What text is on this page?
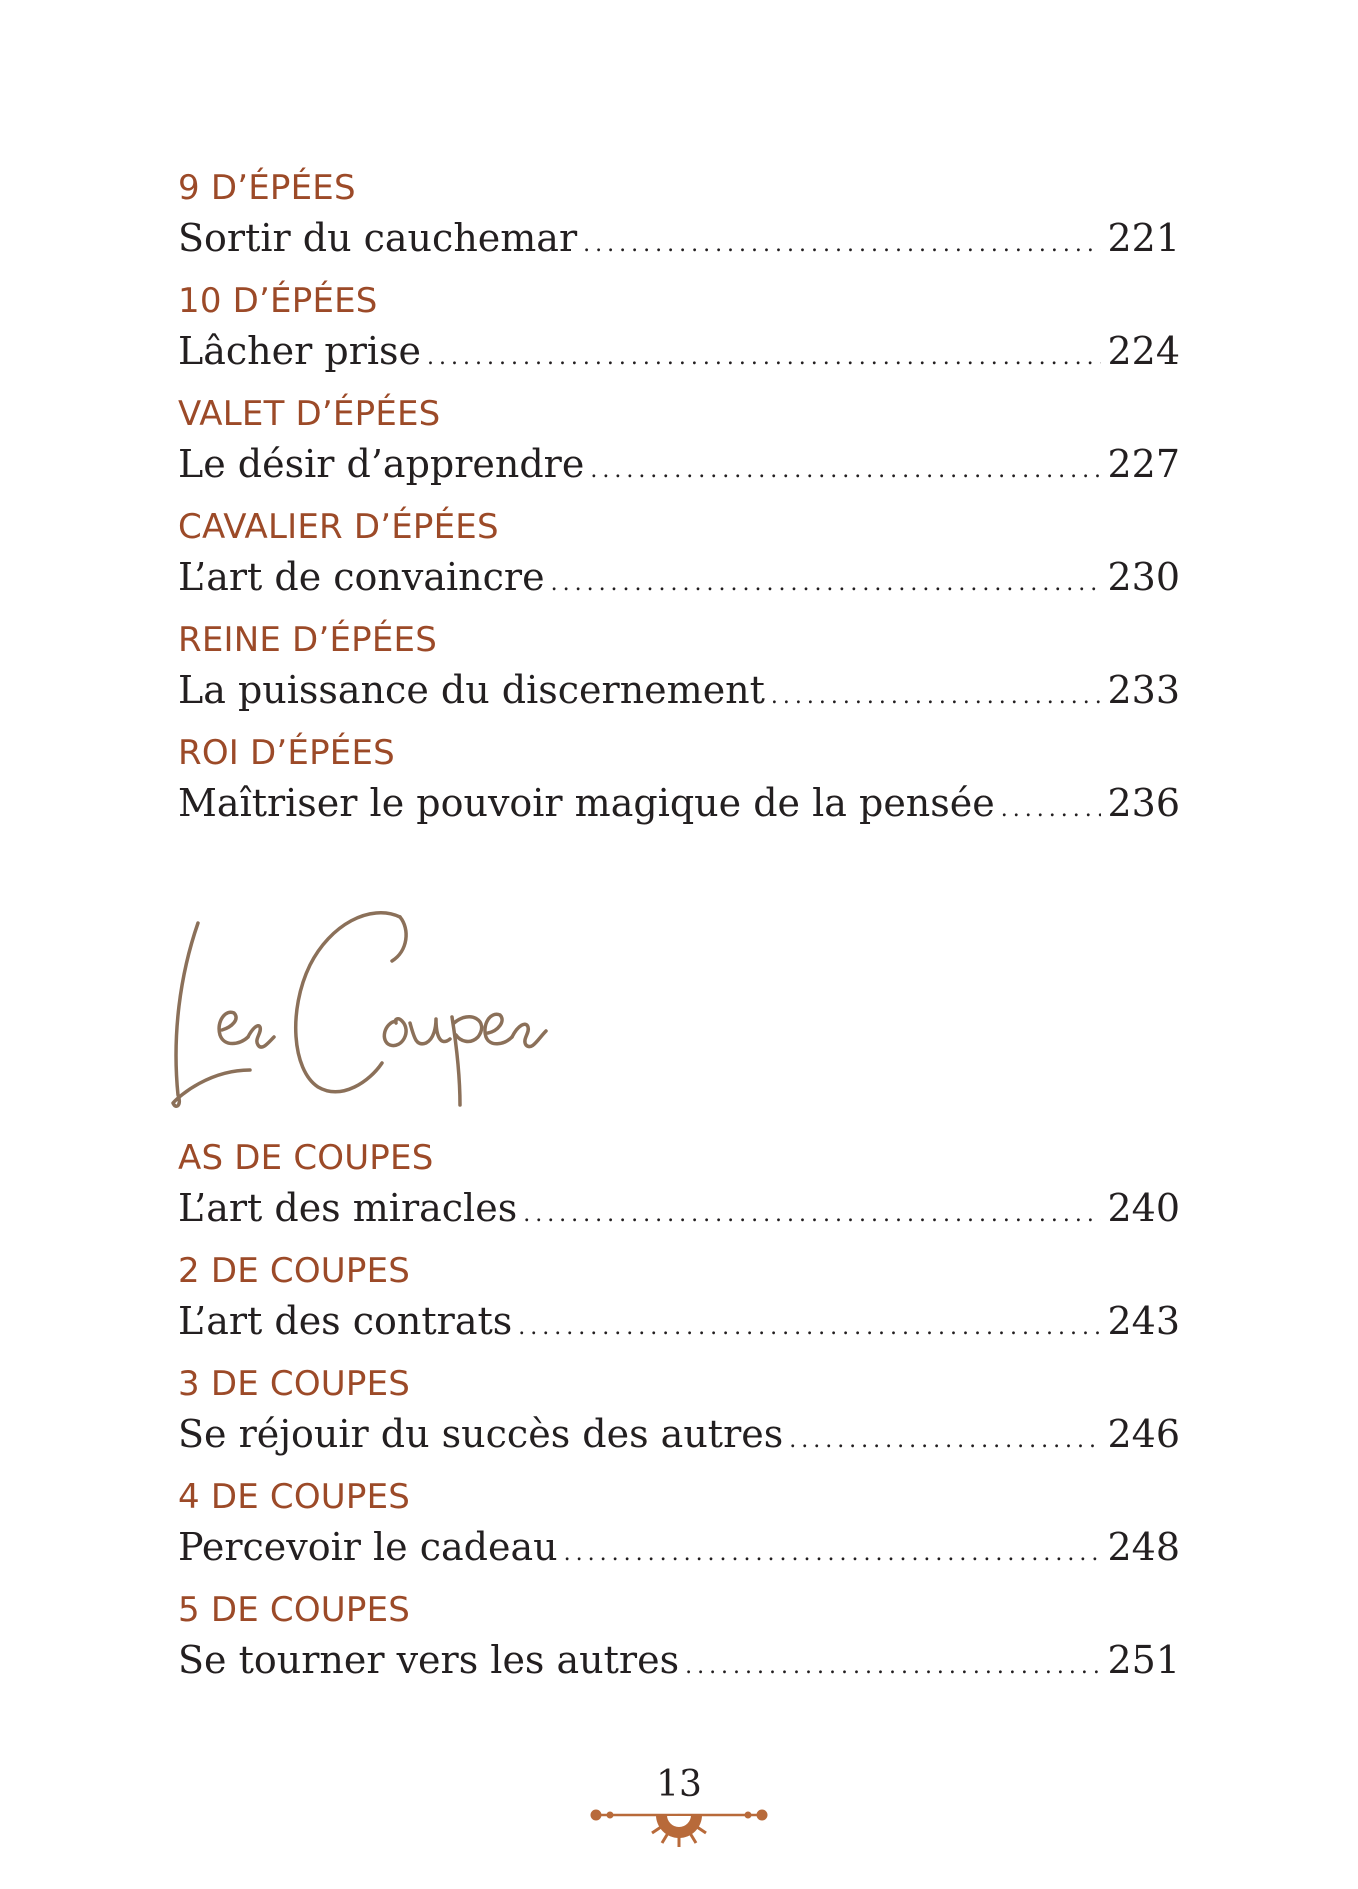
9 D’ÉPÉES
Sortir du cauchemar .....	221
10 D’ÉPÉES
Lâcher prise .....	224
VALET D’ÉPÉES
Le désir d’apprendre .....	227
CAVALIER D’ÉPÉES
L’art de convaincre .....	230
REINE D’ÉPÉES
La puissance du discernement .....	233
ROI D’ÉPÉES
Maîtriser le pouvoir magique de la pensée .....	236
AS DE COUPES
L’art des miracles .....	240
2 DE COUPES
L’art des contrats .....	243
3 DE COUPES
Se réjouir du succès des autres .....	246
4 DE COUPES
Percevoir le cadeau .....	248
5 DE COUPES
Se tourner vers les autres .....	251
13
